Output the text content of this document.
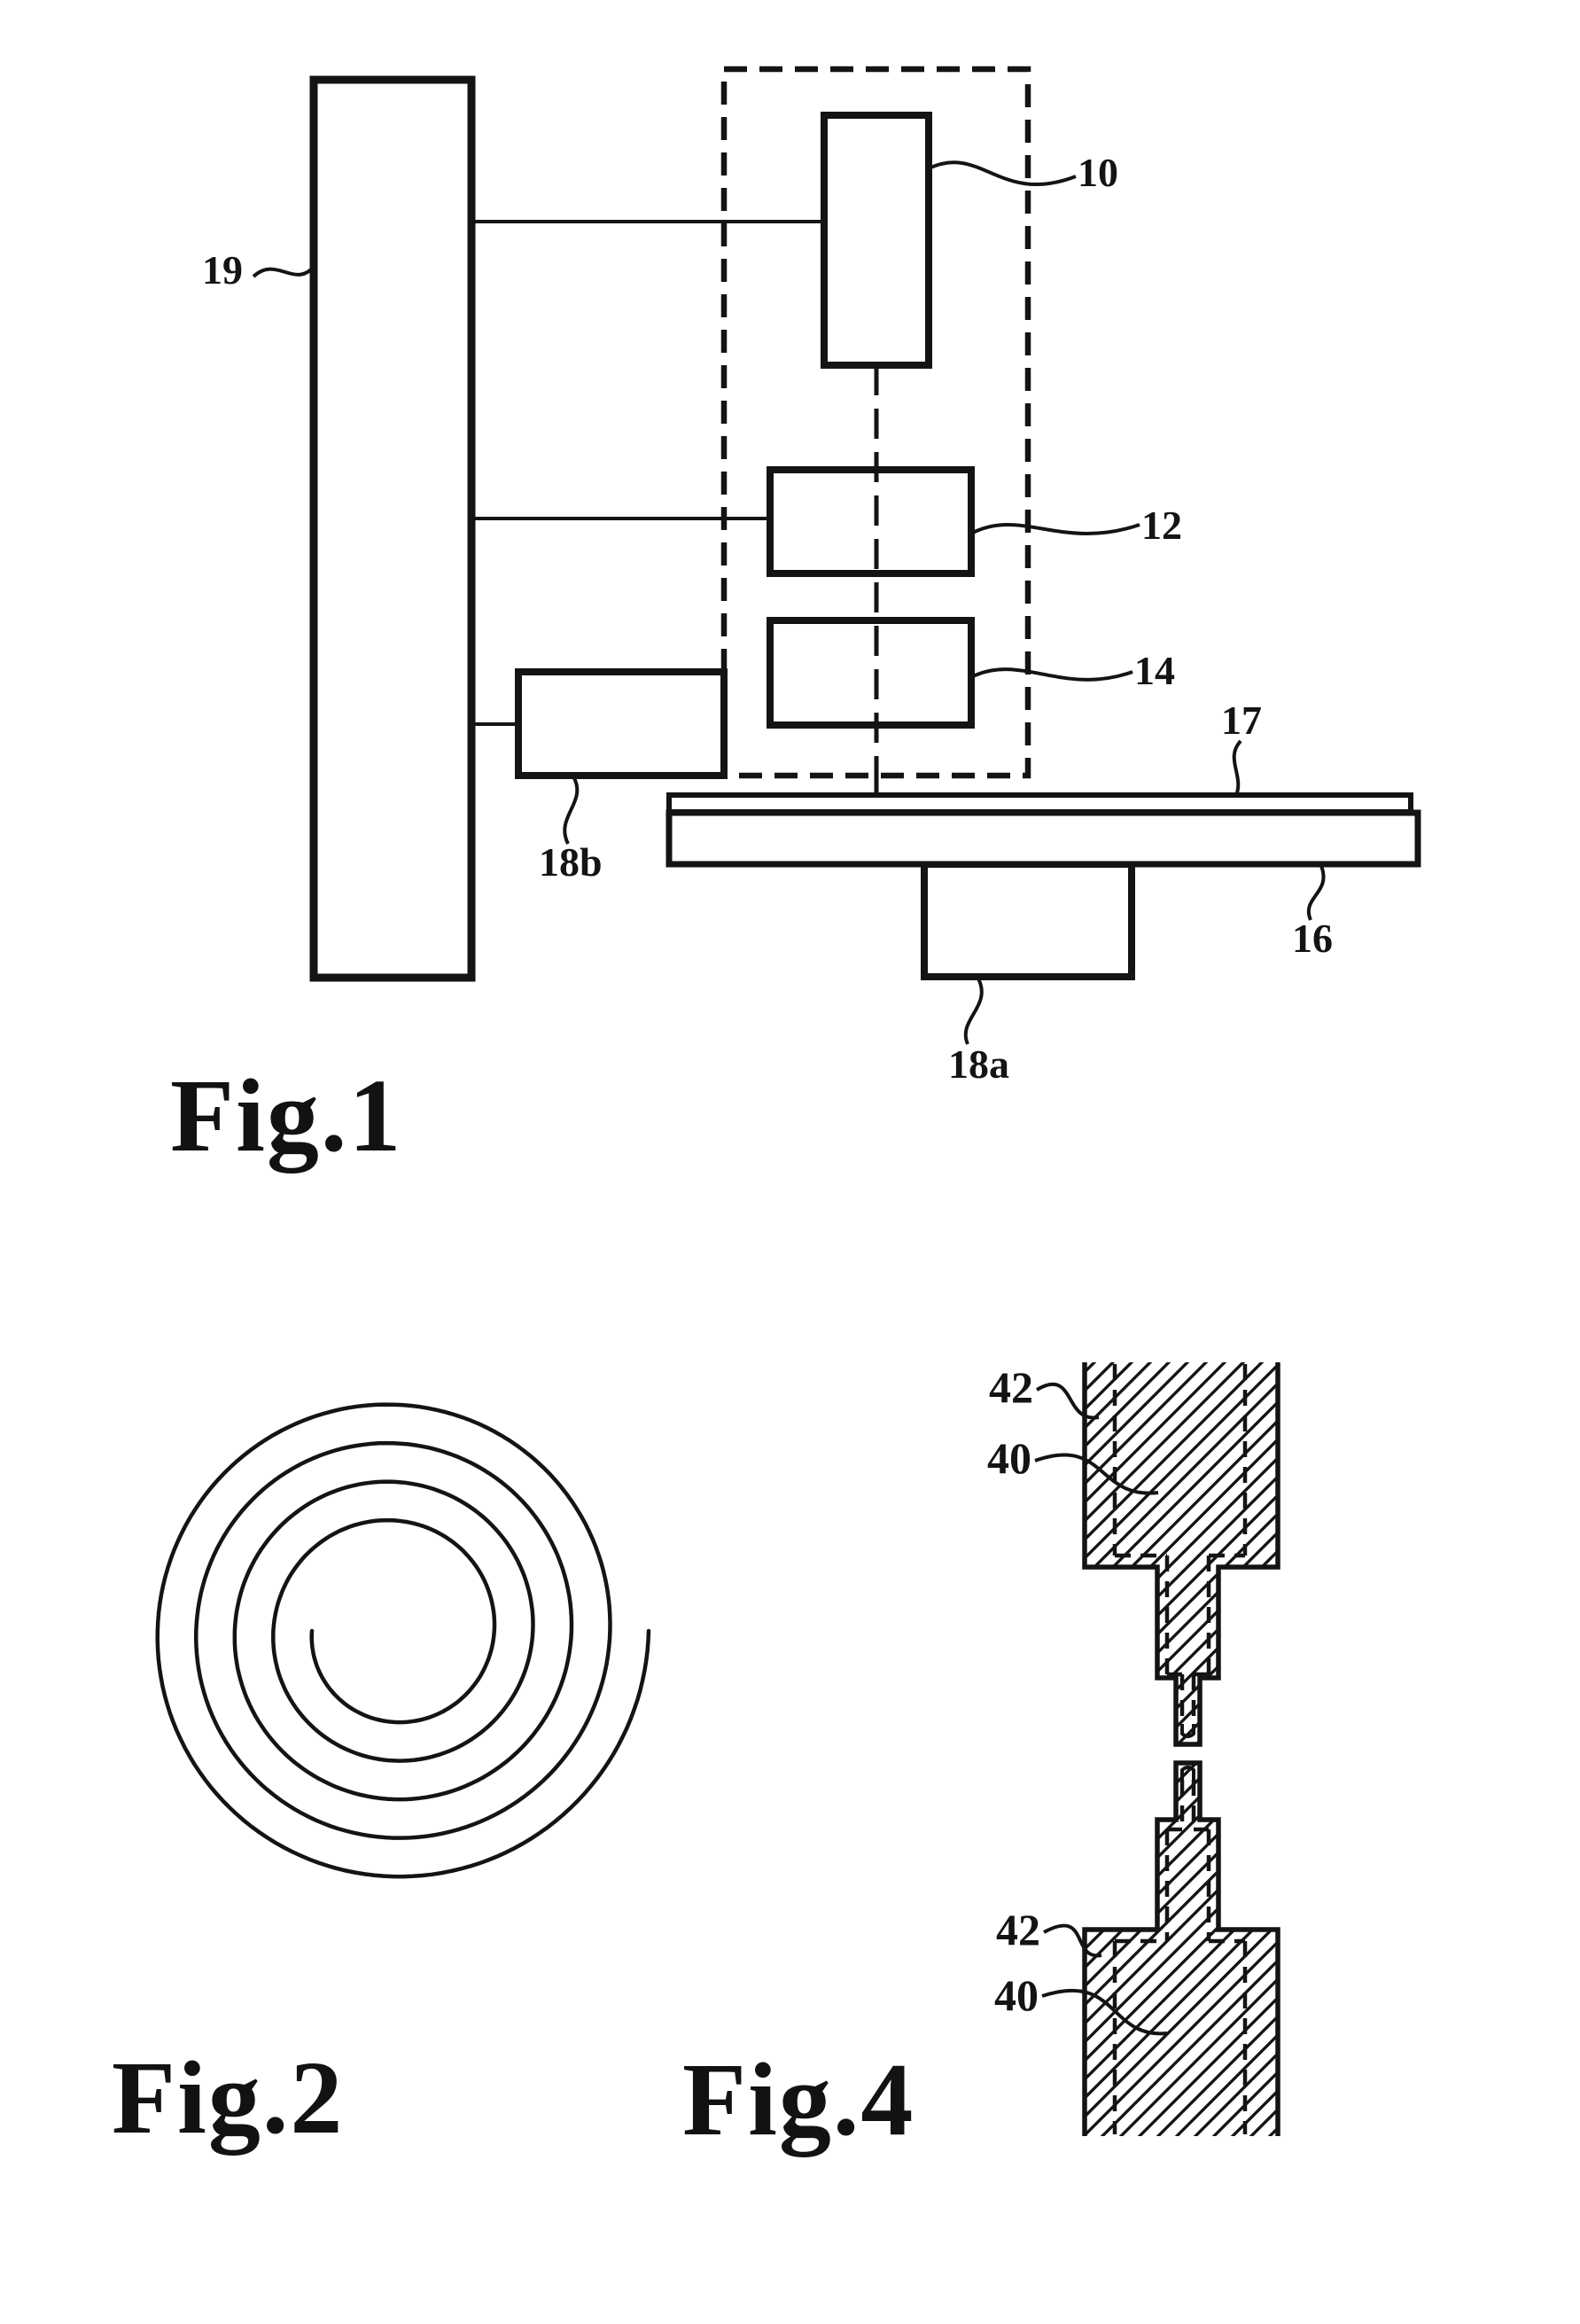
19
10
12
14
17
16
18b
18a
42
40
42
40
Fig.1
Fig.2	Fig.4
